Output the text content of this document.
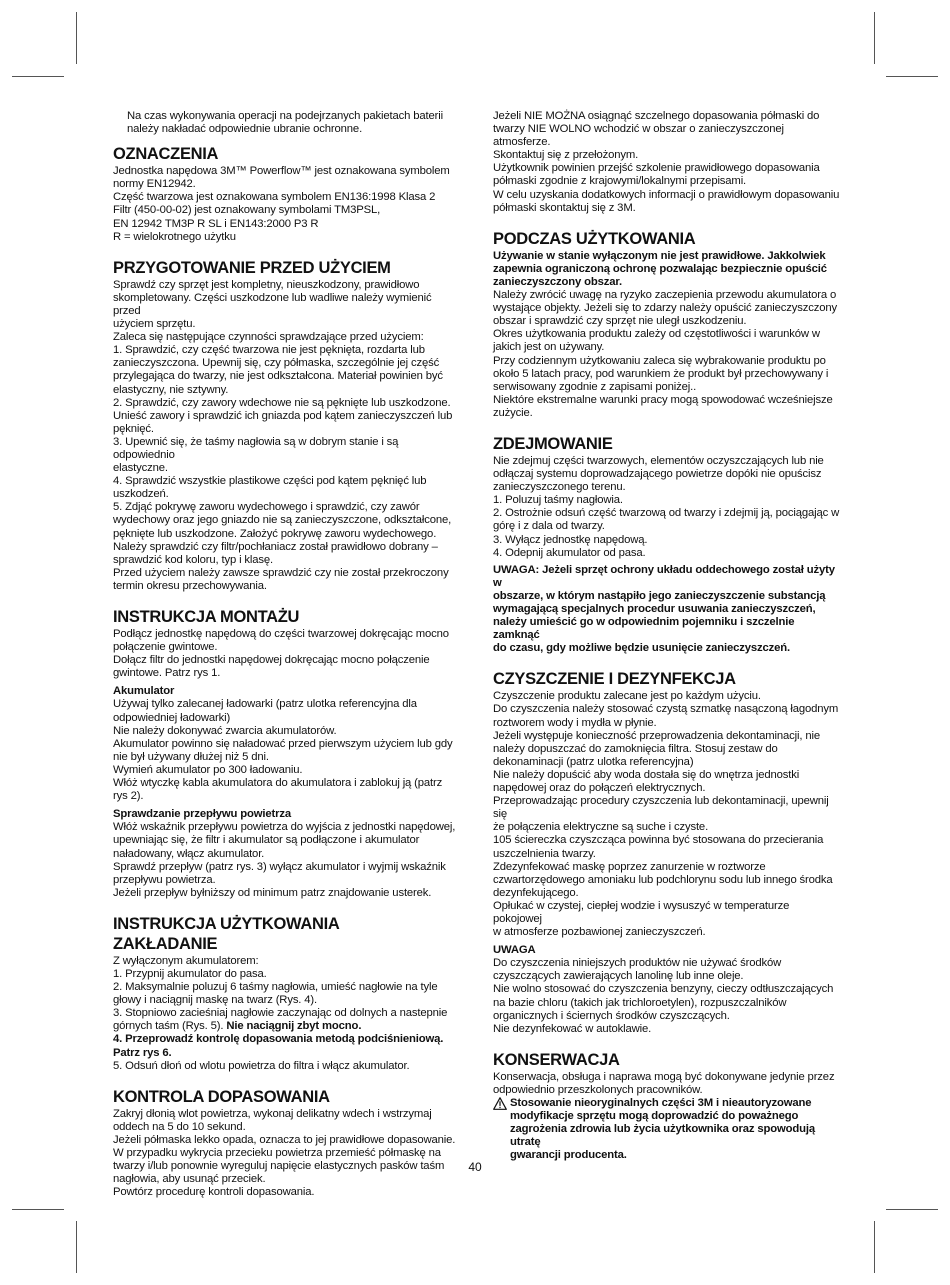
Na czas wykonywania operacji na podejrzanych pakietach baterii

należy nakładać odpowiednie ubranie ochronne.

OZNACZENIA

Jednostka napędowa 3M™ Powerflow™ jest oznakowana symbolem

normy EN12942.

Część twarzowa jest oznakowana symbolem EN136:1998 Klasa 2

Filtr (450-00-02) jest oznakowany symbolami TM3PSL,

EN 12942 TM3P R SL i EN143:2000 P3 R

R = wielokrotnego użytku

PRZYGOTOWANIE PRZED UŻYCIEM

Sprawdź czy sprzęt jest kompletny, nieuszkodzony, prawidłowo

skompletowany. Części uszkodzone lub wadliwe należy wymienić przed

użyciem sprzętu.

Zaleca się następujące czynności sprawdzające przed użyciem:

1. Sprawdzić, czy część twarzowa nie jest pęknięta, rozdarta lub

zanieczyszczona. Upewnij się, czy półmaska, szczególnie jej część

przylegająca do twarzy, nie jest odkształcona. Materiał powinien być

elastyczny, nie sztywny.

2. Sprawdzić, czy zawory wdechowe nie są pęknięte lub uszkodzone.

Unieść zawory i sprawdzić ich gniazda pod kątem zanieczyszczeń lub

pęknięć.

3. Upewnić się, że taśmy nagłowia są w dobrym stanie i są odpowiednio

elastyczne.

4. Sprawdzić wszystkie plastikowe części pod kątem pęknięć lub

uszkodzeń.

5. Zdjąć pokrywę zaworu wydechowego i sprawdzić, czy zawór

wydechowy oraz jego gniazdo nie są zanieczyszczone, odkształcone,

pęknięte lub uszkodzone. Założyć pokrywę zaworu wydechowego.

Należy sprawdzić czy filtr/pochłaniacz został prawidłowo dobrany –

sprawdzić kod koloru, typ i klasę.

Przed użyciem należy zawsze sprawdzić czy nie został przekroczony

termin okresu przechowywania.

INSTRUKCJA MONTAŻU

Podłącz jednostkę napędową do części twarzowej dokręcając mocno

połączenie gwintowe.

Dołącz filtr do jednostki napędowej dokręcając mocno połączenie

gwintowe. Patrz rys 1.

Akumulator

Używaj tylko zalecanej ładowarki (patrz ulotka referencyjna dla

odpowiedniej ładowarki)

Nie należy dokonywać zwarcia akumulatorów.

Akumulator powinno się naładować przed pierwszym użyciem lub gdy

nie był używany dłużej niż 5 dni.

Wymień akumulator po 300 ładowaniu.

Włóż wtyczkę kabla akumulatora do akumulatora i zablokuj ją (patrz rys 2).

Sprawdzanie przepływu powietrza

Włóż wskaźnik przepływu powietrza do wyjścia z jednostki napędowej,

upewniając się, że filtr i akumulator są podłączone i akumulator

naładowany, włącz akumulator.

Sprawdź przepływ (patrz rys. 3) wyłącz akumulator i wyjmij wskaźnik

przepływu powietrza.

Jeżeli przepływ byłniższy od minimum patrz znajdowanie usterek.

INSTRUKCJA UŻYTKOWANIA
ZAKŁADANIE

Z wyłączonym akumulatorem:

1. Przypnij akumulator do pasa.

2. Maksymalnie poluzuj 6 taśmy nagłowia, umieść nagłowie na tyle

głowy i naciągnij maskę na twarz (Rys. 4).

3. Stopniowo zacieśniaj nagłowie zaczynając od dolnych a nastepnie

górnych taśm (Rys. 5). Nie naciągnij zbyt mocno.

4. Przeprowadź kontrolę dopasowania metodą podciśnieniową.

Patrz rys 6.

5. Odsuń dłoń od wlotu powietrza do filtra i włącz akumulator.

KONTROLA DOPASOWANIA

Zakryj dłonią wlot powietrza, wykonaj delikatny wdech i wstrzymaj

oddech na 5 do 10 sekund.

Jeżeli półmaska lekko opada, oznacza to jej prawidłowe dopasowanie.

W przypadku wykrycia przecieku powietrza przemieść półmaskę na

twarzy i/lub ponownie wyreguluj napięcie elastycznych pasków taśm

nagłowia, aby usunąć przeciek.

Powtórz procedurę kontroli dopasowania.

Jeżeli NIE MOŻNA osiągnąć szczelnego dopasowania półmaski do

twarzy NIE WOLNO wchodzić w obszar o zanieczyszczonej atmosferze.

Skontaktuj się z przełożonym.

Użytkownik powinien przejść szkolenie prawidłowego dopasowania

półmaski zgodnie z krajowymi/lokalnymi przepisami.

W celu uzyskania dodatkowych informacji o prawidłowym dopasowaniu

półmaski skontaktuj się z 3M.

PODCZAS UŻYTKOWANIA

Używanie w stanie wyłączonym nie jest prawidłowe. Jakkolwiek

zapewnia ograniczoną ochronę pozwalając bezpiecznie opuścić

zanieczyszczony obszar.

Należy zwrócić uwagę na ryzyko zaczepienia przewodu akumulatora o

wystające objekty. Jeżeli się to zdarzy należy opuścić zanieczyszczony

obszar i sprawdzić czy sprzęt nie uległ uszkodzeniu.

Okres użytkowania produktu zależy od częstotliwości i warunków w

jakich jest on używany.

Przy codziennym użytkowaniu zaleca się wybrakowanie produktu po

około 5 latach pracy, pod warunkiem że produkt był przechowywany i

serwisowany zgodnie z zapisami poniżej..

Niektóre ekstremalne warunki pracy mogą spowodować wcześniejsze

zużycie.

ZDEJMOWANIE

Nie zdejmuj części twarzowych, elementów oczyszczających lub nie

odłączaj systemu doprowadzającego powietrze dopóki nie opuścisz

zanieczyszczonego terenu.

1. Poluzuj taśmy nagłowia.

2. Ostrożnie odsuń część twarzową od twarzy i zdejmij ją, pociągając w

górę i z dala od twarzy.

3. Wyłącz jednostkę napędową.

4. Odepnij akumulator od pasa.

UWAGA: Jeżeli sprzęt ochrony układu oddechowego został użyty w

obszarze, w którym nastąpiło jego zanieczyszczenie substancją

wymagającą specjalnych procedur usuwania zanieczyszczeń,

należy umieścić go w odpowiednim pojemniku i szczelnie zamknąć

do czasu, gdy możliwe będzie usunięcie zanieczyszczeń.

CZYSZCZENIE I DEZYNFEKCJA

Czyszczenie produktu zalecane jest po każdym użyciu.

Do czyszczenia należy stosować czystą szmatkę nasączoną łagodnym

roztworem wody i mydła w płynie.

Jeżeli występuje konieczność przeprowadzenia dekontaminacji, nie

należy dopuszczać do zamoknięcia filtra. Stosuj zestaw do

dekonaminacji (patrz ulotka referencyjna)

Nie należy dopuścić aby woda dostała się do wnętrza jednostki

napędowej oraz do połączeń elektrycznych.

Przeprowadzając procedury czyszczenia lub dekontaminacji, upewnij się

że połączenia elektryczne są suche i czyste.

105 ściereczka czyszcząca powinna być stosowana do przecierania

uszczelnienia twarzy.

Zdezynfekować maskę poprzez zanurzenie w roztworze

czwartorzędowego amoniaku lub podchlorynu sodu lub innego środka

dezynfekującego.

Opłukać w czystej, ciepłej wodzie i wysuszyć w temperaturze pokojowej

w atmosferze pozbawionej zanieczyszczeń.

UWAGA

Do czyszczenia niniejszych produktów nie używać środków

czyszczących zawierających lanolinę lub inne oleje.

Nie wolno stosować do czyszczenia benzyny, cieczy odtłuszczających

na bazie chloru (takich jak trichloroetylen), rozpuszczalników

organicznych i ściernych środków czyszczących.

Nie dezynfekować w autoklawie.

KONSERWACJA

Konserwacja, obsługa i naprawa mogą być dokonywane jedynie przez

odpowiednio przeszkolonych pracowników.

Stosowanie nieoryginalnych części 3M i nieautoryzowane

modyfikacje sprzętu mogą doprowadzić do poważnego

zagrożenia zdrowia lub życia użytkownika oraz spowodują utratę

gwarancji producenta.

40
